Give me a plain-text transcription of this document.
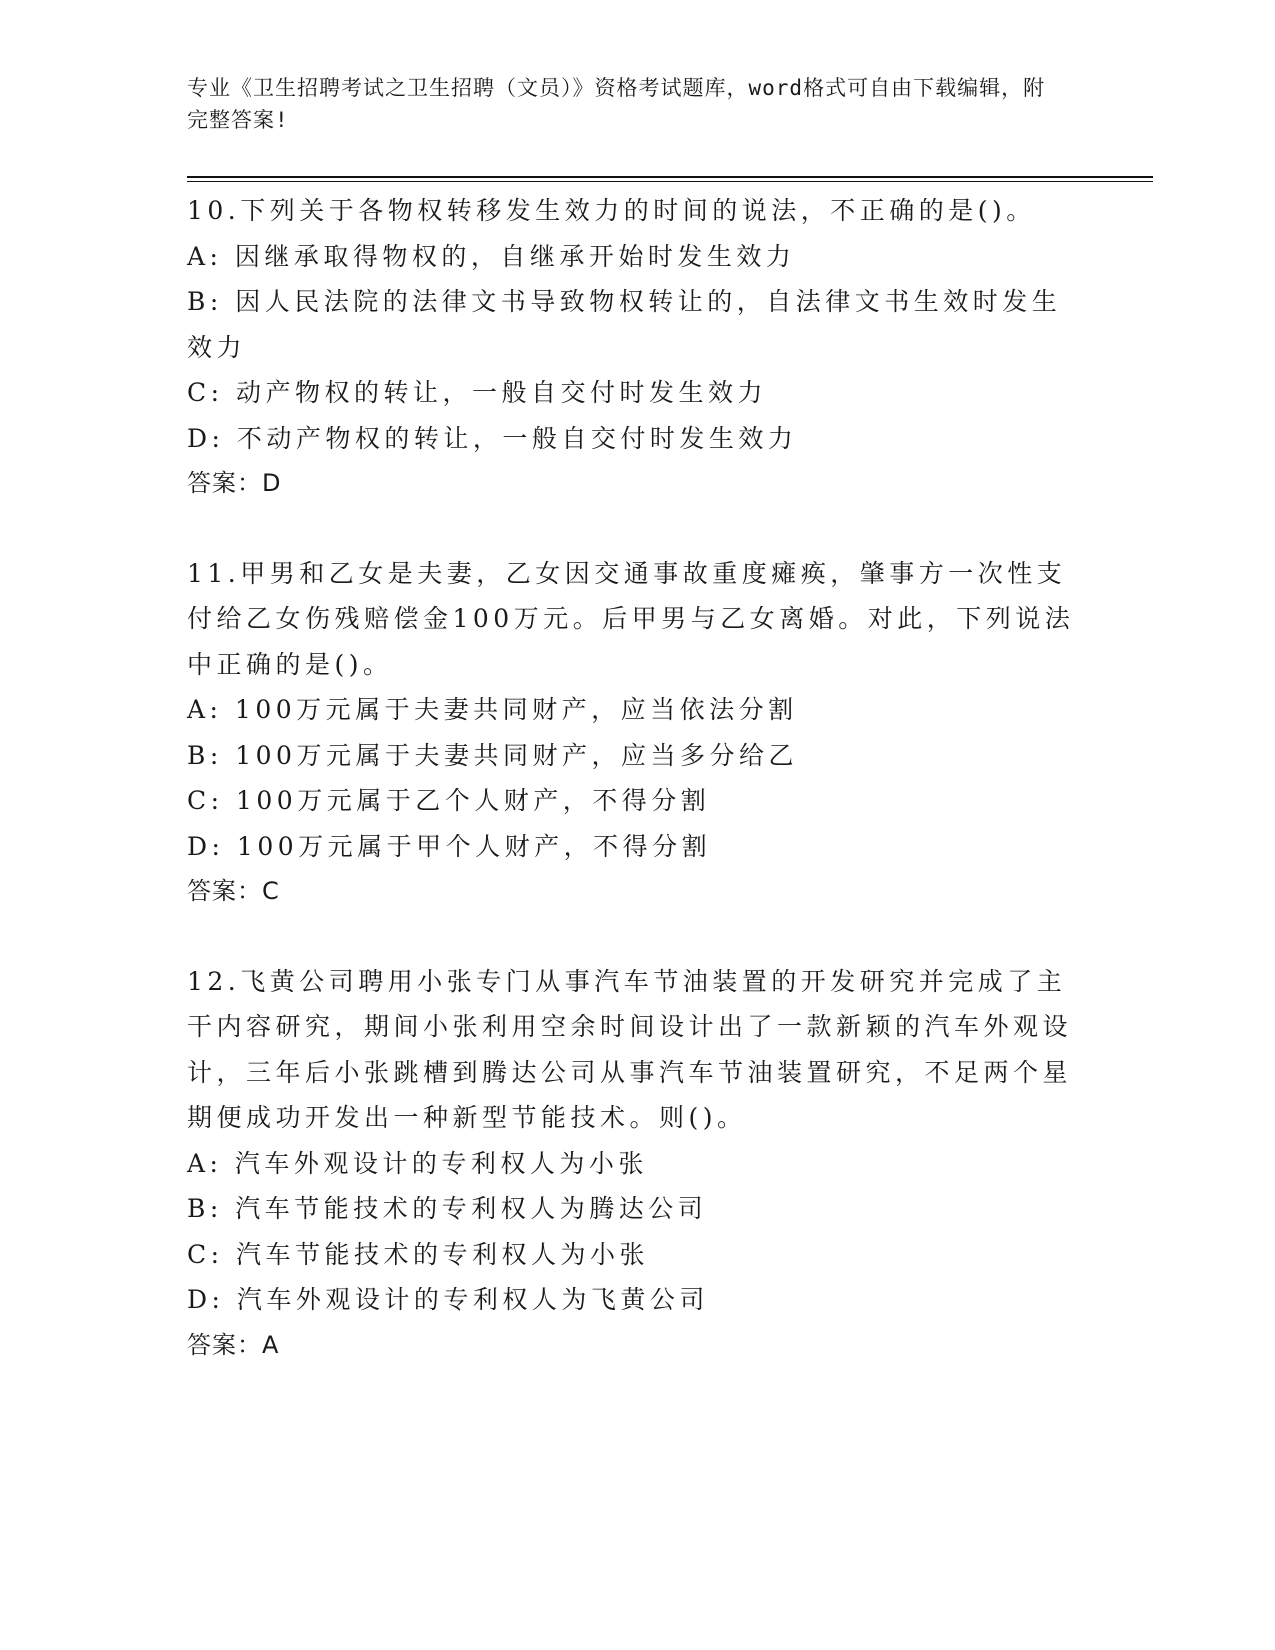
专业《卫生招聘考试之卫生招聘（文员）》资格考试题库，word格式可自由下载编辑，附完整答案!

10.下列关于各物权转移发生效力的时间的说法，不正确的是()。

A: 因继承取得物权的，自继承开始时发生效力

B: 因人民法院的法律文书导致物权转让的，自法律文书生效时发生效力

C: 动产物权的转让，一般自交付时发生效力

D: 不动产物权的转让，一般自交付时发生效力

答案：D

11.甲男和乙女是夫妻，乙女因交通事故重度瘫痪，肇事方一次性支付给乙女伤残赔偿金100万元。后甲男与乙女离婚。对此，下列说法中正确的是()。

A: 100万元属于夫妻共同财产，应当依法分割

B: 100万元属于夫妻共同财产，应当多分给乙

C: 100万元属于乙个人财产，不得分割

D: 100万元属于甲个人财产，不得分割

答案：C

12.飞黄公司聘用小张专门从事汽车节油装置的开发研究并完成了主干内容研究，期间小张利用空余时间设计出了一款新颖的汽车外观设计，三年后小张跳槽到腾达公司从事汽车节油装置研究，不足两个星期便成功开发出一种新型节能技术。则()。

A: 汽车外观设计的专利权人为小张

B: 汽车节能技术的专利权人为腾达公司

C: 汽车节能技术的专利权人为小张

D: 汽车外观设计的专利权人为飞黄公司

答案：A
